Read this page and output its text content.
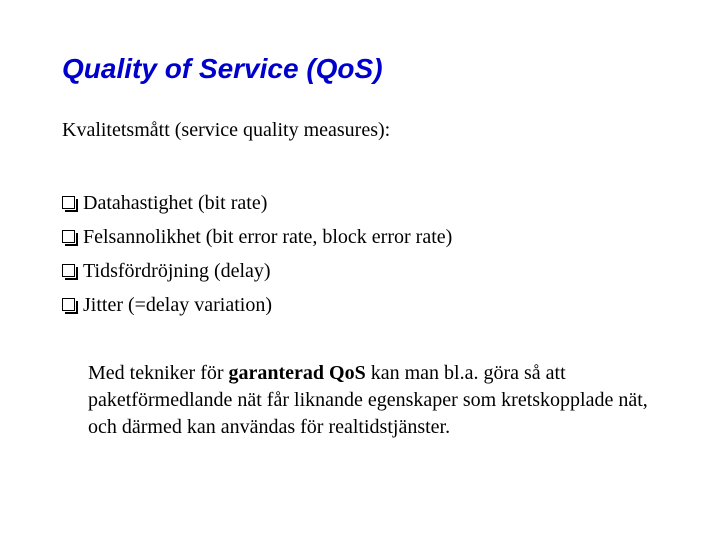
Quality of Service (QoS)

Kvalitetsmått (service quality measures):

Datahastighet (bit rate)
Felsannolikhet (bit error rate, block error rate)
Tidsfördröjning (delay)
Jitter (=delay variation)

Med tekniker för garanterad QoS kan man bl.a. göra så att paketförmedlande nät får liknande egenskaper som kretskopplade nät, och därmed kan användas för realtidstjänster.
